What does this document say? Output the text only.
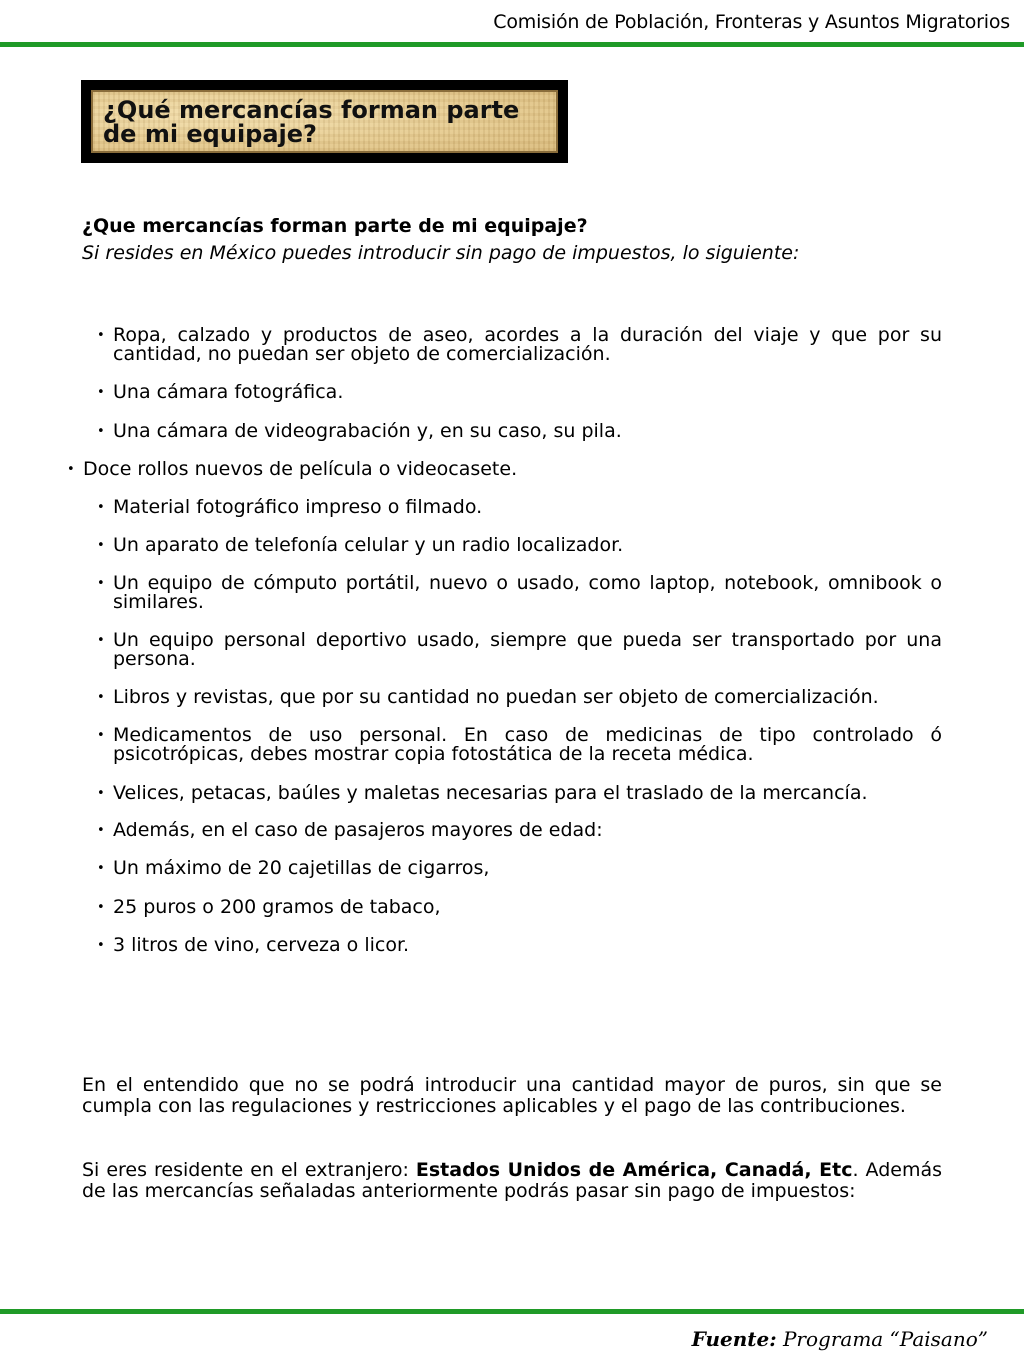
Comisión de Población, Fronteras y Asuntos Migratorios
¿Qué mercancías forman parte de mi equipaje?
¿Que mercancías forman parte de mi equipaje?
Si resides en México puedes introducir sin pago de impuestos, lo siguiente:
• Ropa, calzado y productos de aseo, acordes a la duración del viaje y que por su cantidad, no puedan ser objeto de comercialización.
• Una cámara fotográfica.
• Una cámara de videograbación y, en su caso, su pila.
• Doce rollos nuevos de película o videocasete.
• Material fotográfico impreso o filmado.
• Un aparato de telefonía celular y un radio localizador.
• Un equipo de cómputo portátil, nuevo o usado, como laptop, notebook, omnibook o similares.
• Un equipo personal deportivo usado, siempre que pueda ser transportado por una persona.
• Libros y revistas, que por su cantidad no puedan ser objeto de comercialización.
• Medicamentos de uso personal. En caso de medicinas de tipo controlado ó psicotrópicas, debes mostrar copia fotostática de la receta médica.
• Velices, petacas, baúles y maletas necesarias para el traslado de la mercancía.
• Además, en el caso de pasajeros mayores de edad:
• Un máximo de 20 cajetillas de cigarros,
• 25 puros o 200 gramos de tabaco,
• 3 litros de vino, cerveza o licor.
En el entendido que no se podrá introducir una cantidad mayor de puros, sin que se cumpla con las regulaciones y restricciones aplicables y el pago de las contribuciones.
Si eres residente en el extranjero: Estados Unidos de América, Canadá, Etc. Además de las mercancías señaladas anteriormente podrás pasar sin pago de impuestos:
Fuente: Programa “Paisano”
